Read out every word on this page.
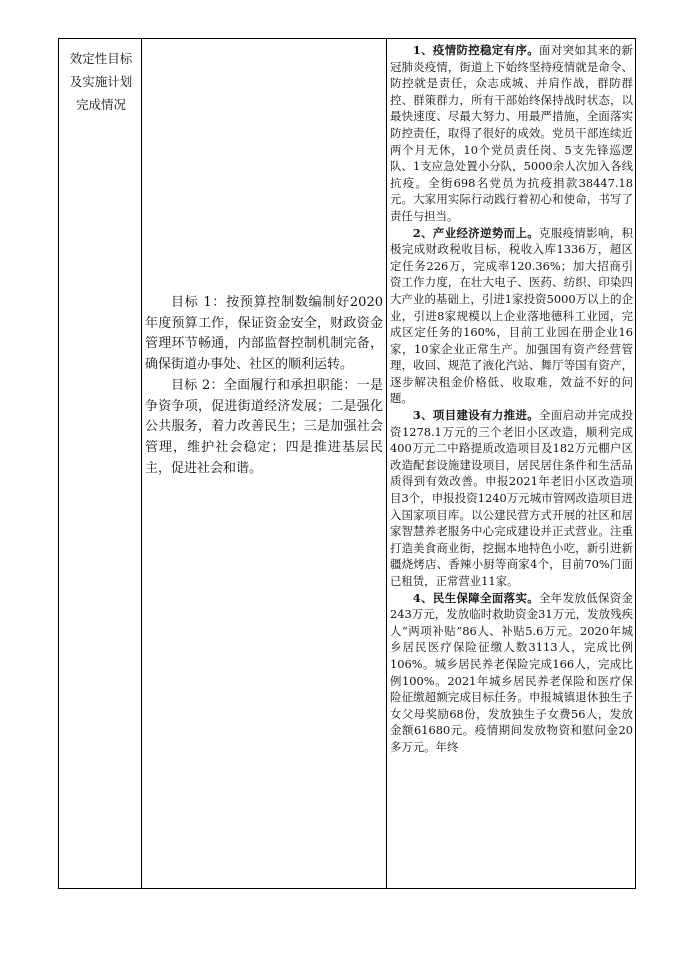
效定性目标
及实施计划
完成情况

目标 1：按预算控制数编制好2020年度预算工作，保证资金安全，财政资金管理环节畅通，内部监督控制机制完备，确保街道办事处、社区的顺利运转。

目标 2：全面履行和承担职能：一是争资争项，促进街道经济发展；二是强化公共服务，着力改善民生；三是加强社会管理，维护社会稳定；四是推进基层民主，促进社会和谐。

1、疫情防控稳定有序。面对突如其来的新冠肺炎疫情，街道上下始终坚持疫情就是命令、防控就是责任，众志成城、并肩作战，群防群控、群策群力，所有干部始终保持战时状态，以最快速度、尽最大努力、用最严措施，全面落实防控责任，取得了很好的成效。党员干部连续近两个月无休，10个党员责任岗、5支先锋巡逻队、1支应急处置小分队，5000余人次加入各线抗疫。全街698名党员为抗疫捐款38447.18元。大家用实际行动践行着初心和使命，书写了责任与担当。

2、产业经济逆势而上。克服疫情影响，积极完成财政税收目标，税收入库1336万，超区定任务226万，完成率120.36%；加大招商引资工作力度，在壮大电子、医药、纺织、印染四大产业的基础上，引进1家投资5000万以上的企业，引进8家规模以上企业落地德科工业园，完成区定任务的160%，目前工业园在册企业16家，10家企业正常生产。加强国有资产经营管理，收回、规范了液化汽站、舞厅等国有资产，逐步解决租金价格低、收取难，效益不好的问题。

3、项目建设有力推进。全面启动并完成投资1278.1万元的三个老旧小区改造，顺利完成400万元二中路提质改造项目及182万元棚户区改造配套设施建设项目，居民居住条件和生活品质得到有效改善。申报2021年老旧小区改造项目3个，申报投资1240万元城市管网改造项目进入国家项目库。以公建民营方式开展的社区和居家智慧养老服务中心完成建设并正式营业。注重打造美食商业街，挖掘本地特色小吃，新引进新疆烧烤店、香辣小厨等商家4个，目前70%门面已租赁，正常营业11家。

4、民生保障全面落实。全年发放低保资金243万元，发放临时救助资金31万元，发放残疾人“两项补贴”86人、补贴5.6万元。2020年城乡居民医疗保险征缴人数3113人，完成比例106%。城乡居民养老保险完成166人，完成比例100%。2021年城乡居民养老保险和医疗保险征缴超额完成目标任务。申报城镇退休独生子女父母奖励68份，发放独生子女费56人，发放金额61680元。疫情期间发放物资和慰问金20多万元。年终
